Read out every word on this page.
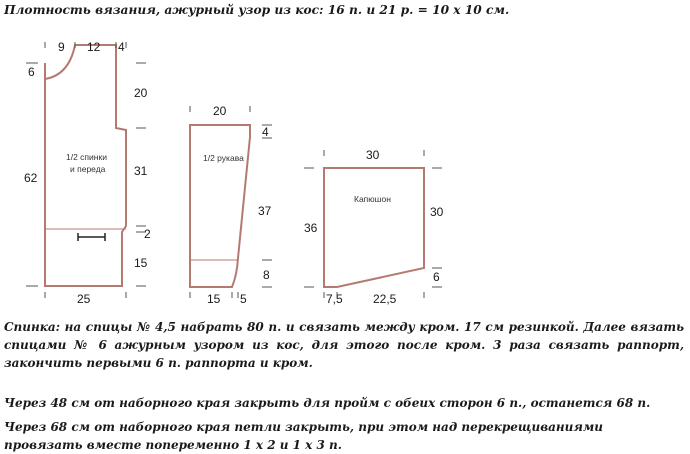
Плотность вязания, ажурный узор из кос: 16 п. и 21 р. = 10 х 10 см.
1/2 спинки
и переда
9 12 4
6
20
31
62
2
15
25
1/2 рукава
20
4
37
8
15 5
Капюшон
30
36
30
6
7,5	22,5
Спинка: на спицы № 4,5 набрать 80 п. и связать между кром. 17 см резинкой. Далее вязать спицами № 6 ажурным узором из кос, для этого после кром. 3 раза связать раппорт, закончить первыми 6 п. раппорта и кром.
Через 48 см от наборного края закрыть для пройм с обеих сторон 6 п., останется 68 п.
Через 68 см от наборного края петли закрыть, при этом над перекрещиваниями провязать вместе попеременно 1 х 2 и 1 х 3 п.
